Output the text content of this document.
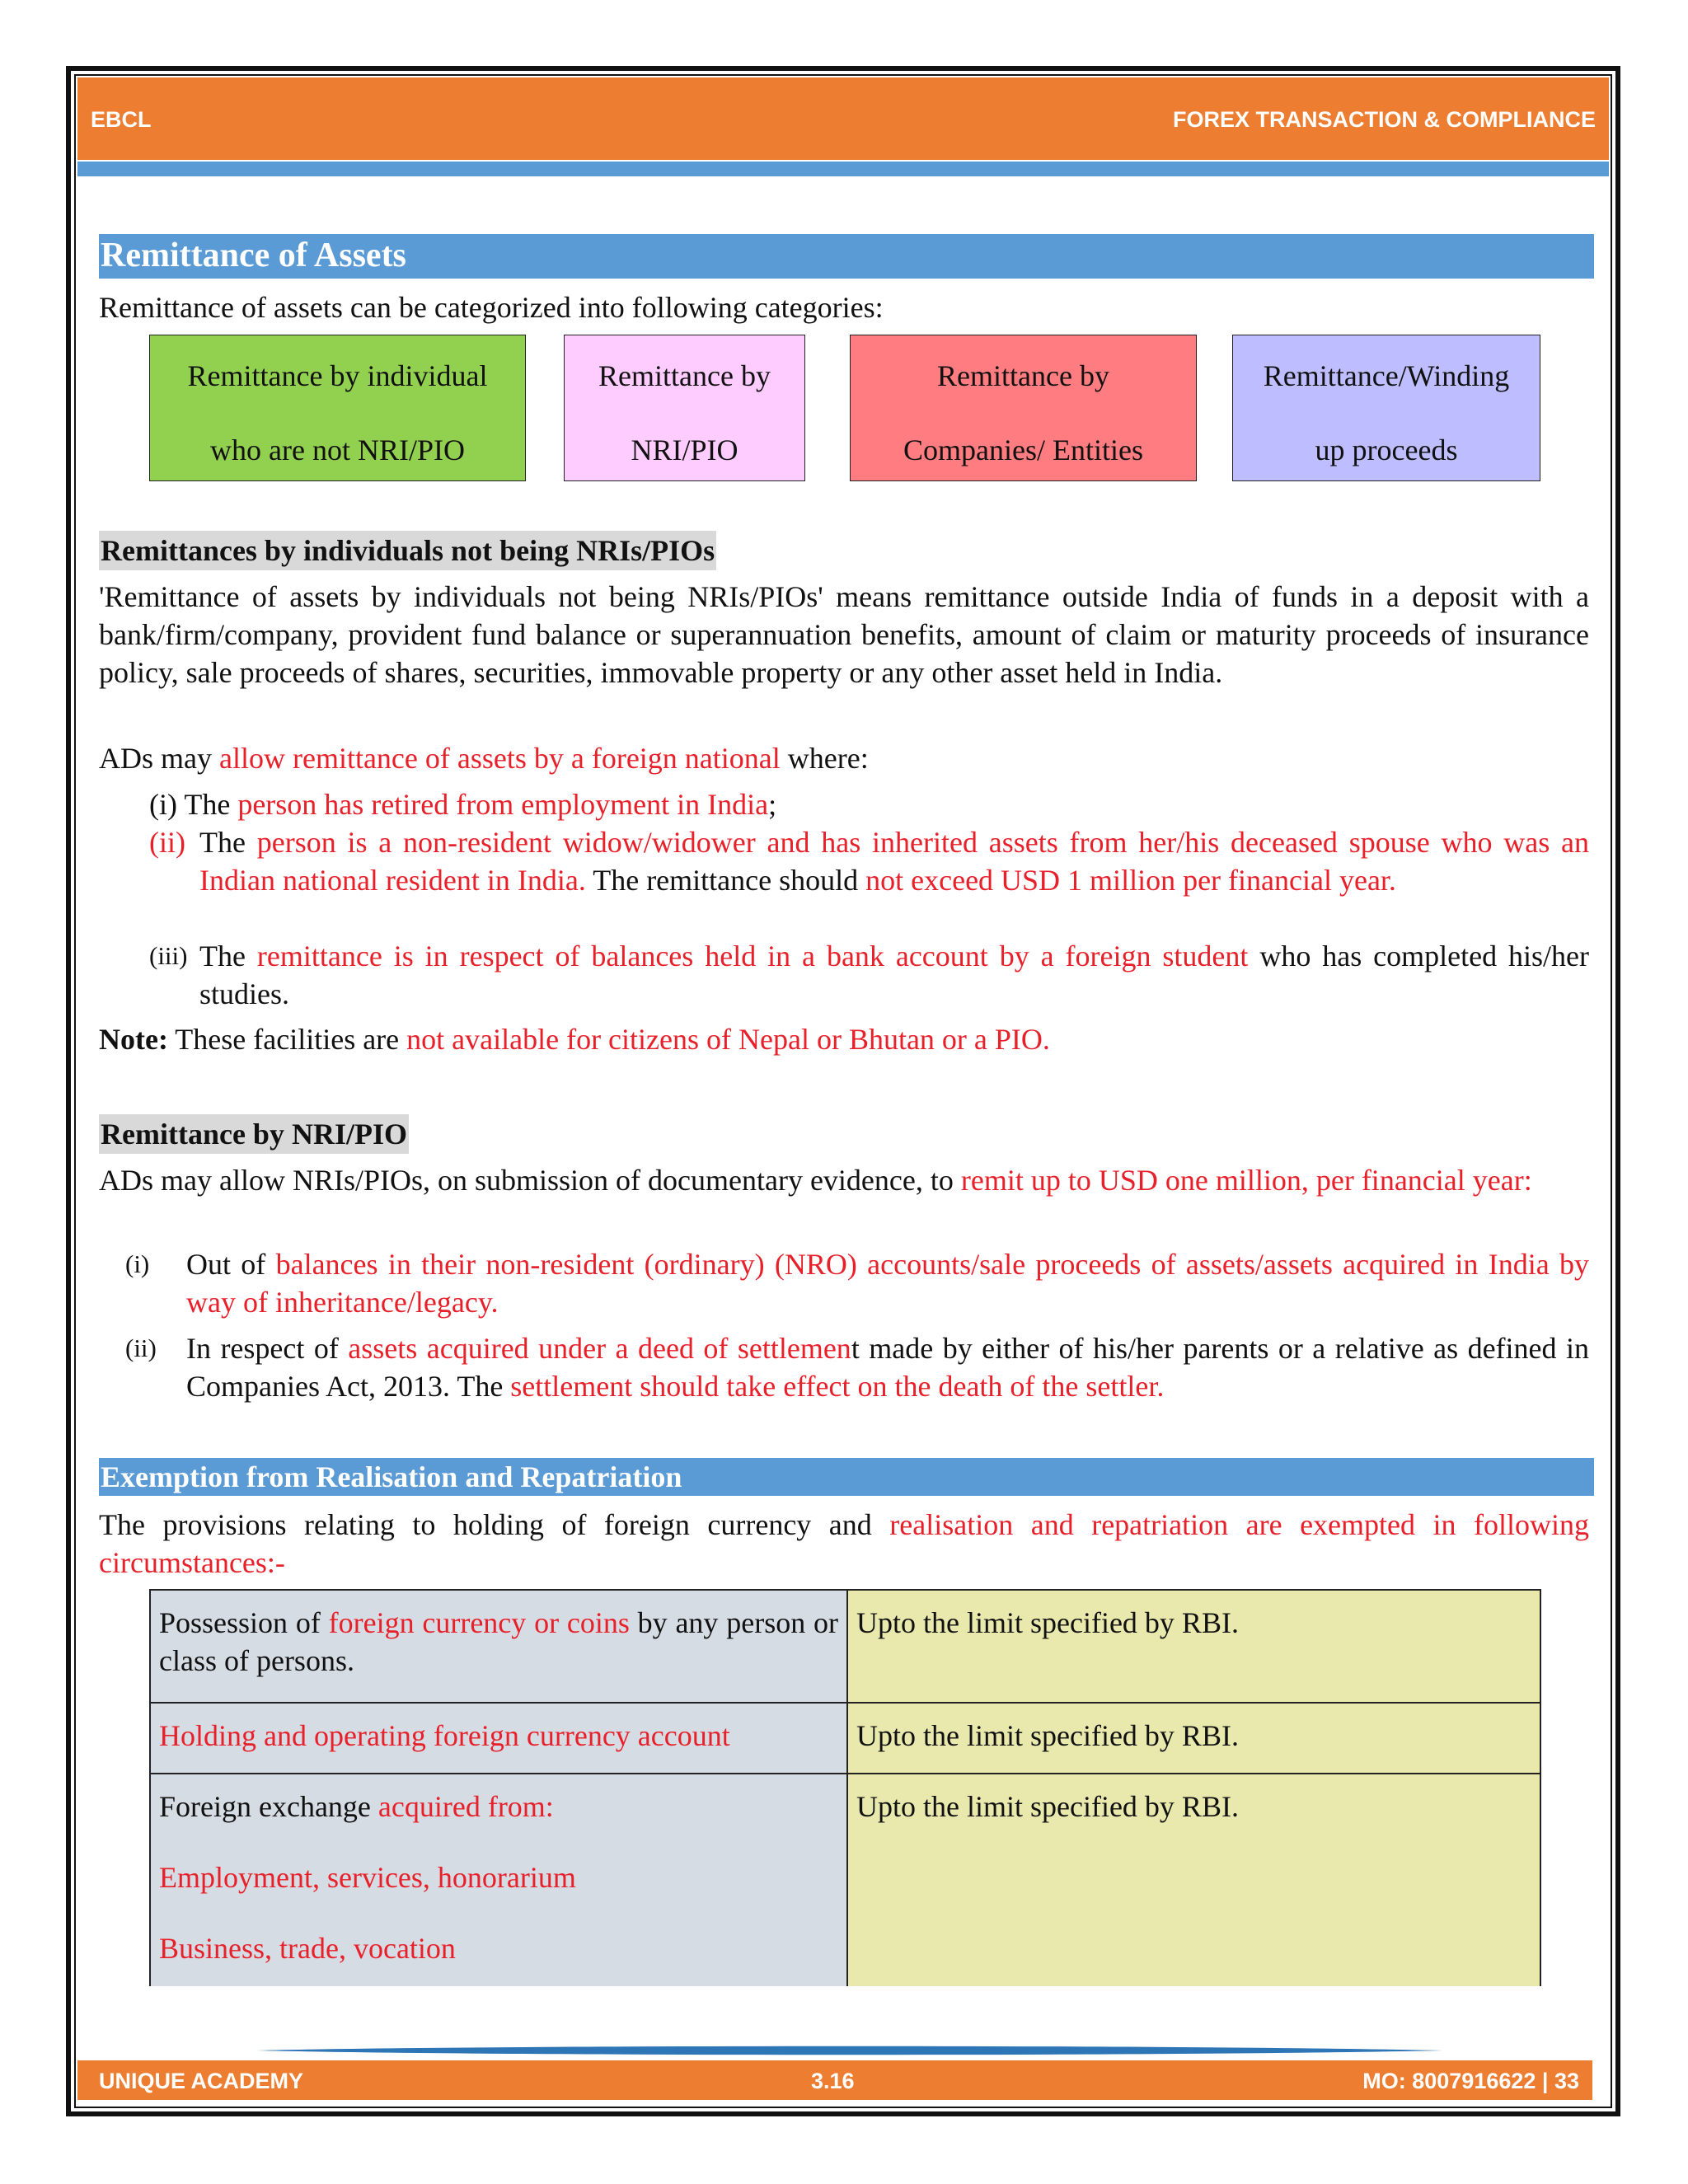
EBCL	FOREX TRANSACTION & COMPLIANCE
Remittance of Assets
Remittance of assets can be categorized into following categories:
Remittance by individual
who are not NRI/PIO
Remittance by
NRI/PIO
Remittance by
Companies/ Entities
Remittance/Winding
up proceeds
Remittances by individuals not being NRIs/PIOs
'Remittance of assets by individuals not being NRIs/PIOs' means remittance outside India of funds in a deposit with a bank/firm/company, provident fund balance or superannuation benefits, amount of claim or maturity proceeds of insurance policy, sale proceeds of shares, securities, immovable property or any other asset held in India.
ADs may allow remittance of assets by a foreign national where:
(i) The person has retired from employment in India;
(ii) The person is a non-resident widow/widower and has inherited assets from her/his deceased spouse who was an Indian national resident in India. The remittance should not exceed USD 1 million per financial year.
(iii) The remittance is in respect of balances held in a bank account by a foreign student who has completed his/her studies.
Note: These facilities are not available for citizens of Nepal or Bhutan or a PIO.
Remittance by NRI/PIO
ADs may allow NRIs/PIOs, on submission of documentary evidence, to remit up to USD one million, per financial year:
(i) Out of balances in their non-resident (ordinary) (NRO) accounts/sale proceeds of assets/assets acquired in India by way of inheritance/legacy.
(ii) In respect of assets acquired under a deed of settlement made by either of his/her parents or a relative as defined in Companies Act, 2013. The settlement should take effect on the death of the settler.
Exemption from Realisation and Repatriation
The provisions relating to holding of foreign currency and realisation and repatriation are exempted in following circumstances:-
Possession of foreign currency or coins by any person or class of persons.	Upto the limit specified by RBI.
Holding and operating foreign currency account	Upto the limit specified by RBI.

Foreign exchange acquired from:
Employment, services, honorarium
Business, trade, vocation	Upto the limit specified by RBI.
UNIQUE ACADEMY	3.16	MO: 8007916622 | 33
